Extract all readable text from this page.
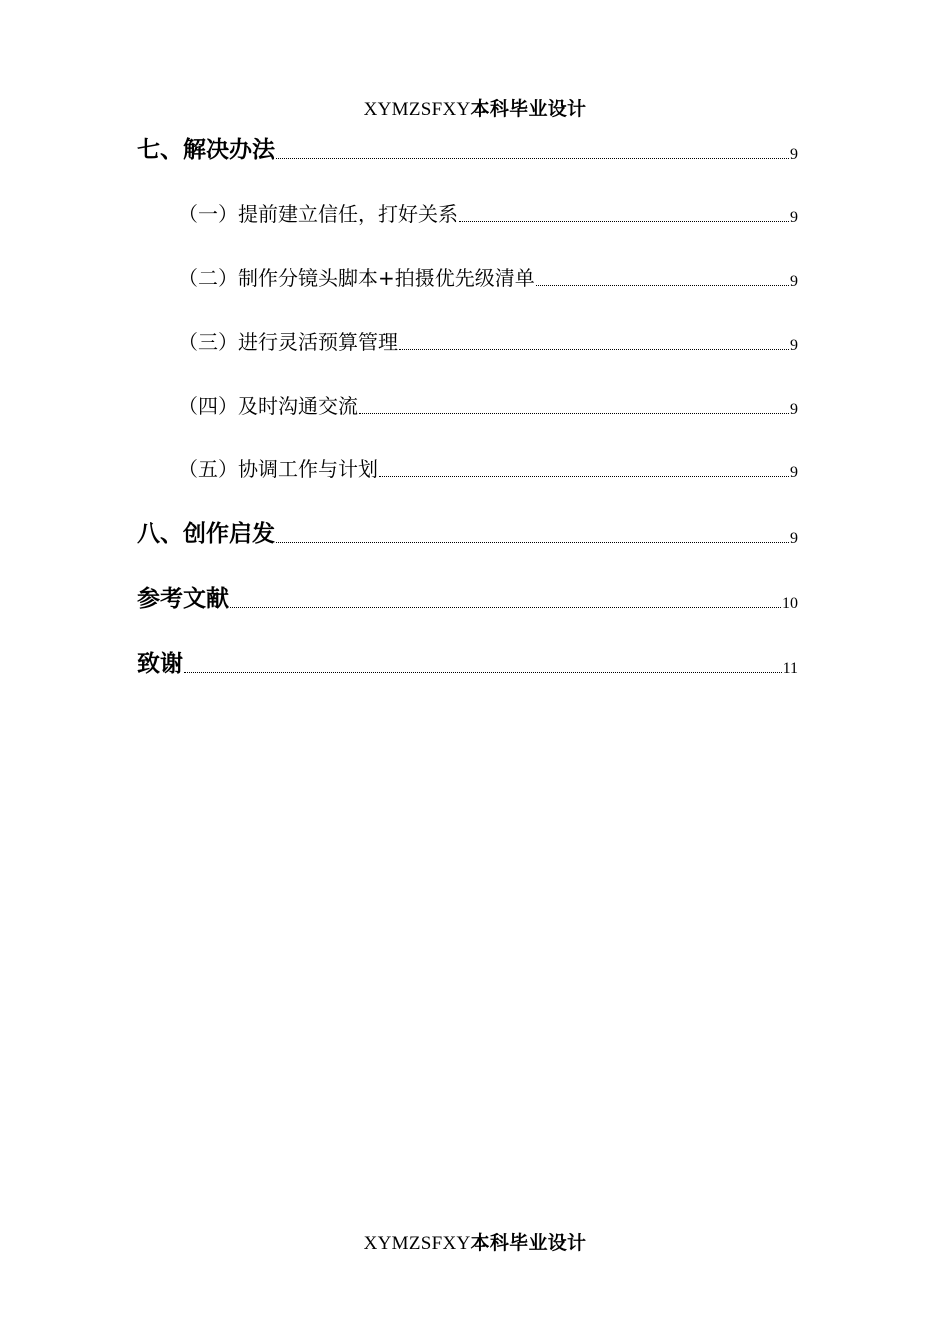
XYMZSFXY本科毕业设计
七、解决办法	9
（一）提前建立信任，打好关系	9
（二）制作分镜头脚本+拍摄优先级清单	9
（三）进行灵活预算管理	9
（四）及时沟通交流	9
（五）协调工作与计划	9
八、创作启发	9
参考文献	10
致谢	11
XYMZSFXY本科毕业设计
